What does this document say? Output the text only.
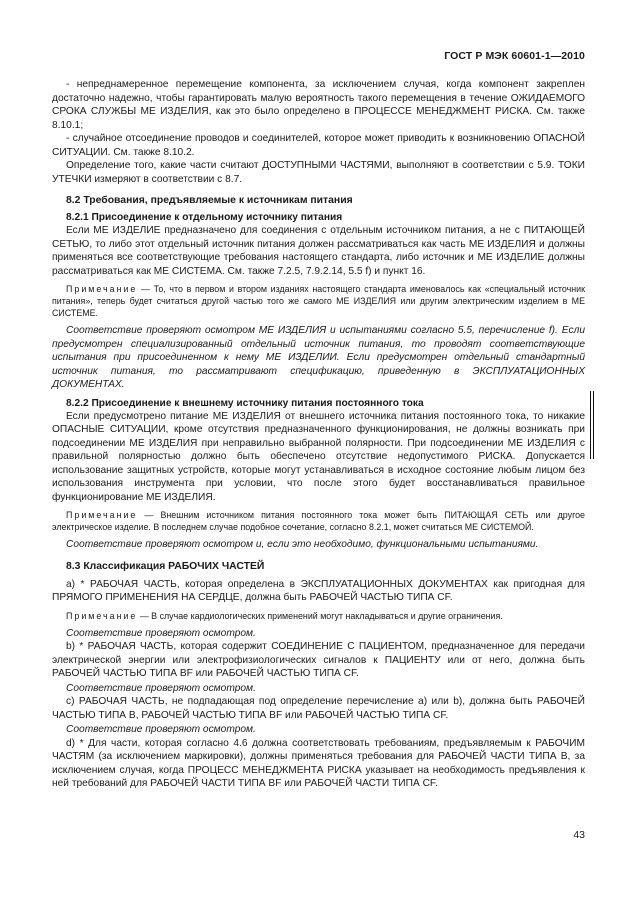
ГОСТ Р МЭК 60601-1—2010

- непреднамеренное перемещение компонента, за исключением случая, когда компонент закреплен достаточно надежно, чтобы гарантировать малую вероятность такого перемещения в течение ОЖИДАЕМОГО СРОКА СЛУЖБЫ МЕ ИЗДЕЛИЯ, как это было определено в ПРОЦЕССЕ МЕНЕДЖМЕНТ РИСКА. См. также 8.10.1;

- случайное отсоединение проводов и соединителей, которое может приводить к возникновению ОПАСНОЙ СИТУАЦИИ. См. также 8.10.2.

Определение того, какие части считают ДОСТУПНЫМИ ЧАСТЯМИ, выполняют в соответствии с 5.9. ТОКИ УТЕЧКИ измеряют в соответствии с 8.7.

8.2 Требования, предъявляемые к источникам питания
8.2.1 Присоединение к отдельному источнику питания

Если МЕ ИЗДЕЛИЕ предназначено для соединения с отдельным источником питания, а не с ПИТАЮЩЕЙ СЕТЬЮ, то либо этот отдельный источник питания должен рассматриваться как часть МЕ ИЗДЕЛИЯ и должны применяться все соответствующие требования настоящего стандарта, либо источник и МЕ ИЗДЕЛИЕ должны рассматриваться как МЕ СИСТЕМА. См. также 7.2.5, 7.9.2.14, 5.5 f) и пункт 16.

Примечание — То, что в первом и втором изданиях настоящего стандарта именовалось как «специальный источник питания», теперь будет считаться другой частью того же самого МЕ ИЗДЕЛИЯ или другим электрическим изделием в МЕ СИСТЕМЕ.

Соответствие проверяют осмотром МЕ ИЗДЕЛИЯ и испытаниями согласно 5.5, перечисление f). Если предусмотрен специализированный отдельный источник питания, то проводят соответствующие испытания при присоединенном к нему МЕ ИЗДЕЛИИ. Если предусмотрен отдельный стандартный источник питания, то рассматривают спецификацию, приведенную в ЭКСПЛУАТАЦИОННЫХ ДОКУМЕНТАХ.

8.2.2 Присоединение к внешнему источнику питания постоянного тока

Если предусмотрено питание МЕ ИЗДЕЛИЯ от внешнего источника питания постоянного тока, то никакие ОПАСНЫЕ СИТУАЦИИ, кроме отсутствия предназначенного функционирования, не должны возникать при подсоединении МЕ ИЗДЕЛИЯ при неправильно выбранной полярности. При подсоединении МЕ ИЗДЕЛИЯ с правильной полярностью должно быть обеспечено отсутствие недопустимого РИСКА. Допускается использование защитных устройств, которые могут устанавливаться в исходное состояние любым лицом без использования инструмента при условии, что после этого будет восстанавливаться правильное функционирование МЕ ИЗДЕЛИЯ.

Примечание — Внешним источником питания постоянного тока может быть ПИТАЮЩАЯ СЕТЬ или другое электрическое изделие. В последнем случае подобное сочетание, согласно 8.2.1, может считаться МЕ СИСТЕМОЙ.

Соответствие проверяют осмотром и, если это необходимо, функциональными испытаниями.

8.3 Классификация РАБОЧИХ ЧАСТЕЙ

а) * РАБОЧАЯ ЧАСТЬ, которая определена в ЭКСПЛУАТАЦИОННЫХ ДОКУМЕНТАХ как пригодная для ПРЯМОГО ПРИМЕНЕНИЯ НА СЕРДЦЕ, должна быть РАБОЧЕЙ ЧАСТЬЮ ТИПА CF.

Примечание — В случае кардиологических применений могут накладываться и другие ограничения.

Соответствие проверяют осмотром.

b) * РАБОЧАЯ ЧАСТЬ, которая содержит СОЕДИНЕНИЕ С ПАЦИЕНТОМ, предназначенное для передачи электрической энергии или электрофизиологических сигналов к ПАЦИЕНТУ или от него, должна быть РАБОЧЕЙ ЧАСТЬЮ ТИПА BF или РАБОЧЕЙ ЧАСТЬЮ ТИПА CF.

Соответствие проверяют осмотром.

с) РАБОЧАЯ ЧАСТЬ, не подпадающая под определение перечисление а) или b), должна быть РАБОЧЕЙ ЧАСТЬЮ ТИПА В, РАБОЧЕЙ ЧАСТЬЮ ТИПА BF или РАБОЧЕЙ ЧАСТЬЮ ТИПА CF.

Соответствие проверяют осмотром.

d) * Для части, которая согласно 4.6 должна соответствовать требованиям, предъявляемым к РАБОЧИМ ЧАСТЯМ (за исключением маркировки), должны применяться требования для РАБОЧЕЙ ЧАСТИ ТИПА В, за исключением случая, когда ПРОЦЕСС МЕНЕДЖМЕНТА РИСКА указывает на необходимость предъявления к ней требований для РАБОЧЕЙ ЧАСТИ ТИПА BF или РАБОЧЕЙ ЧАСТИ ТИПА CF.

43
